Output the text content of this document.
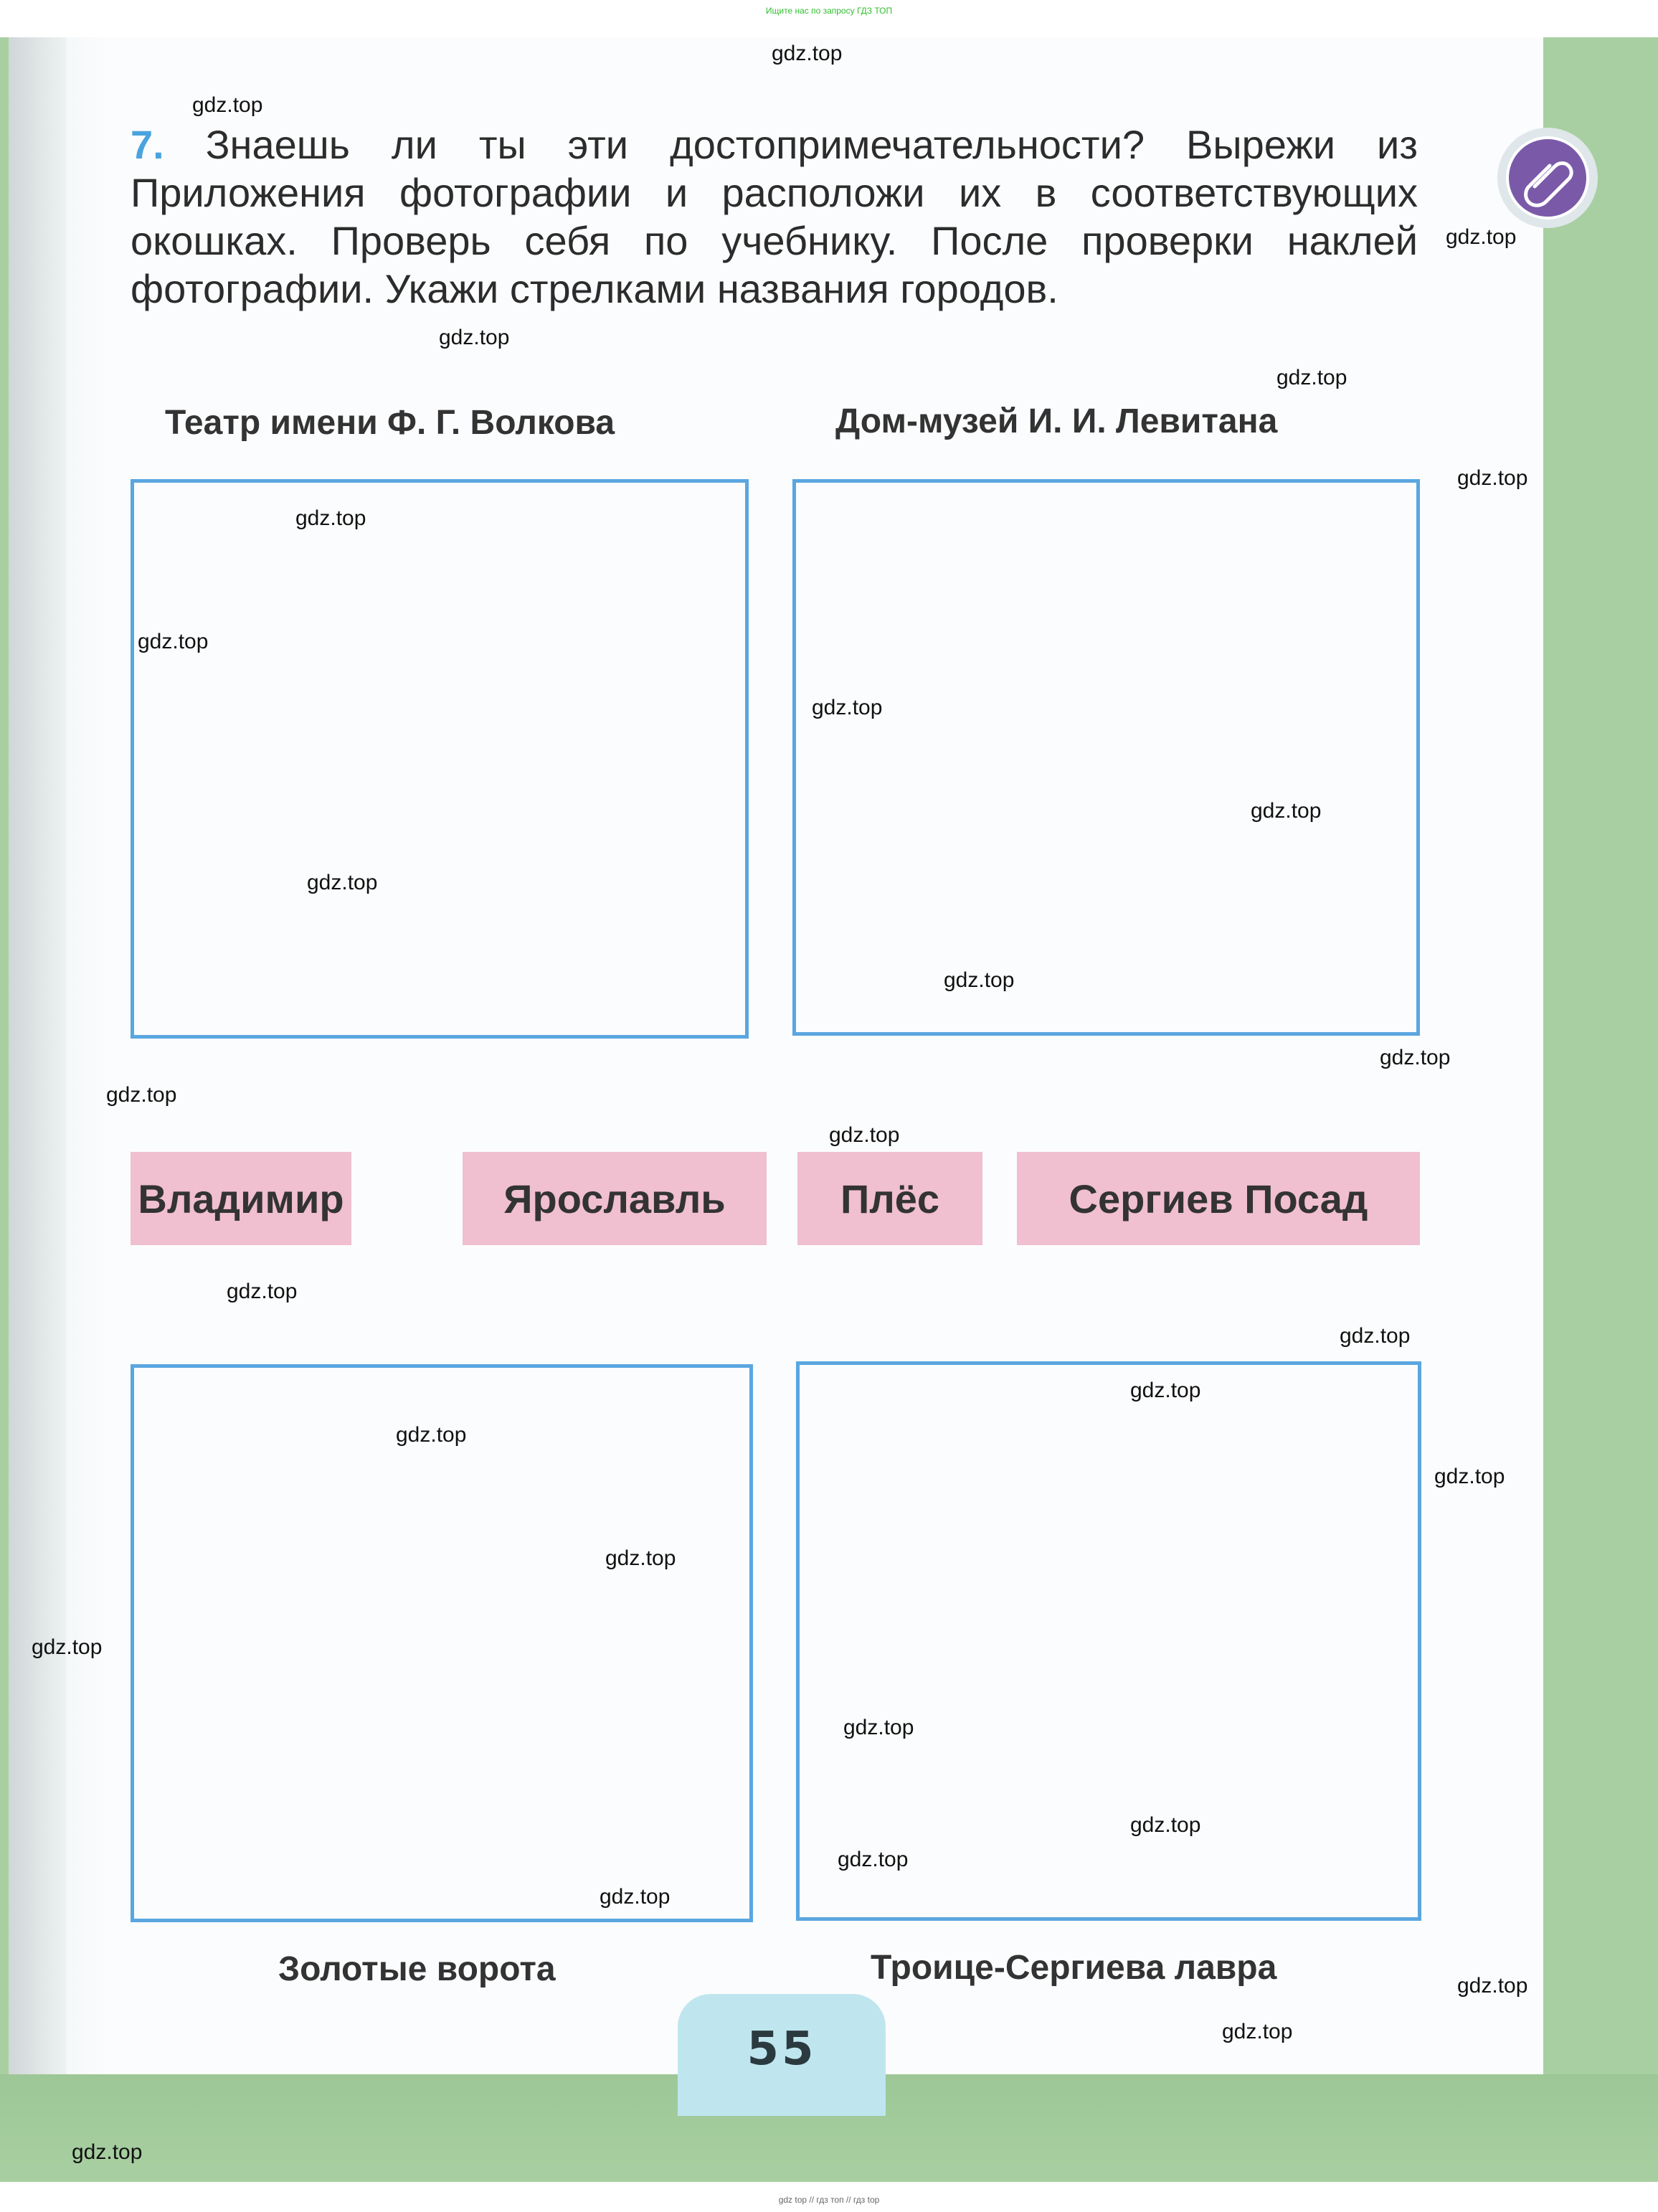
Ищите нас по запросу ГДЗ ТОП
7. Знаешь ли ты эти достопримечательности? Вырежи из Приложения фотографии и расположи их в соответствующих окошках. Проверь себя по учебнику. После проверки наклей фотографии. Укажи стрелками названия городов.
Театр имени Ф. Г. Волкова	Дом-музей И. И. Левитана
Владимир	Ярославль	Плёс	Сергиев Посад
Золотые ворота	Троице-Сергиева лавра
55
gdz.top
gdz.top
gdz.top
gdz.top
gdz.top
gdz.top
gdz.top
gdz.top
gdz.top
gdz.top
gdz.top
gdz.top
gdz.top
gdz.top
gdz.top
gdz.top
gdz.top
gdz.top
gdz.top
gdz.top
gdz.top
gdz.top
gdz.top
gdz.top
gdz.top
gdz.top
gdz.top
gdz.top
gdz.top
gdz top // гдз топ // гдз top
